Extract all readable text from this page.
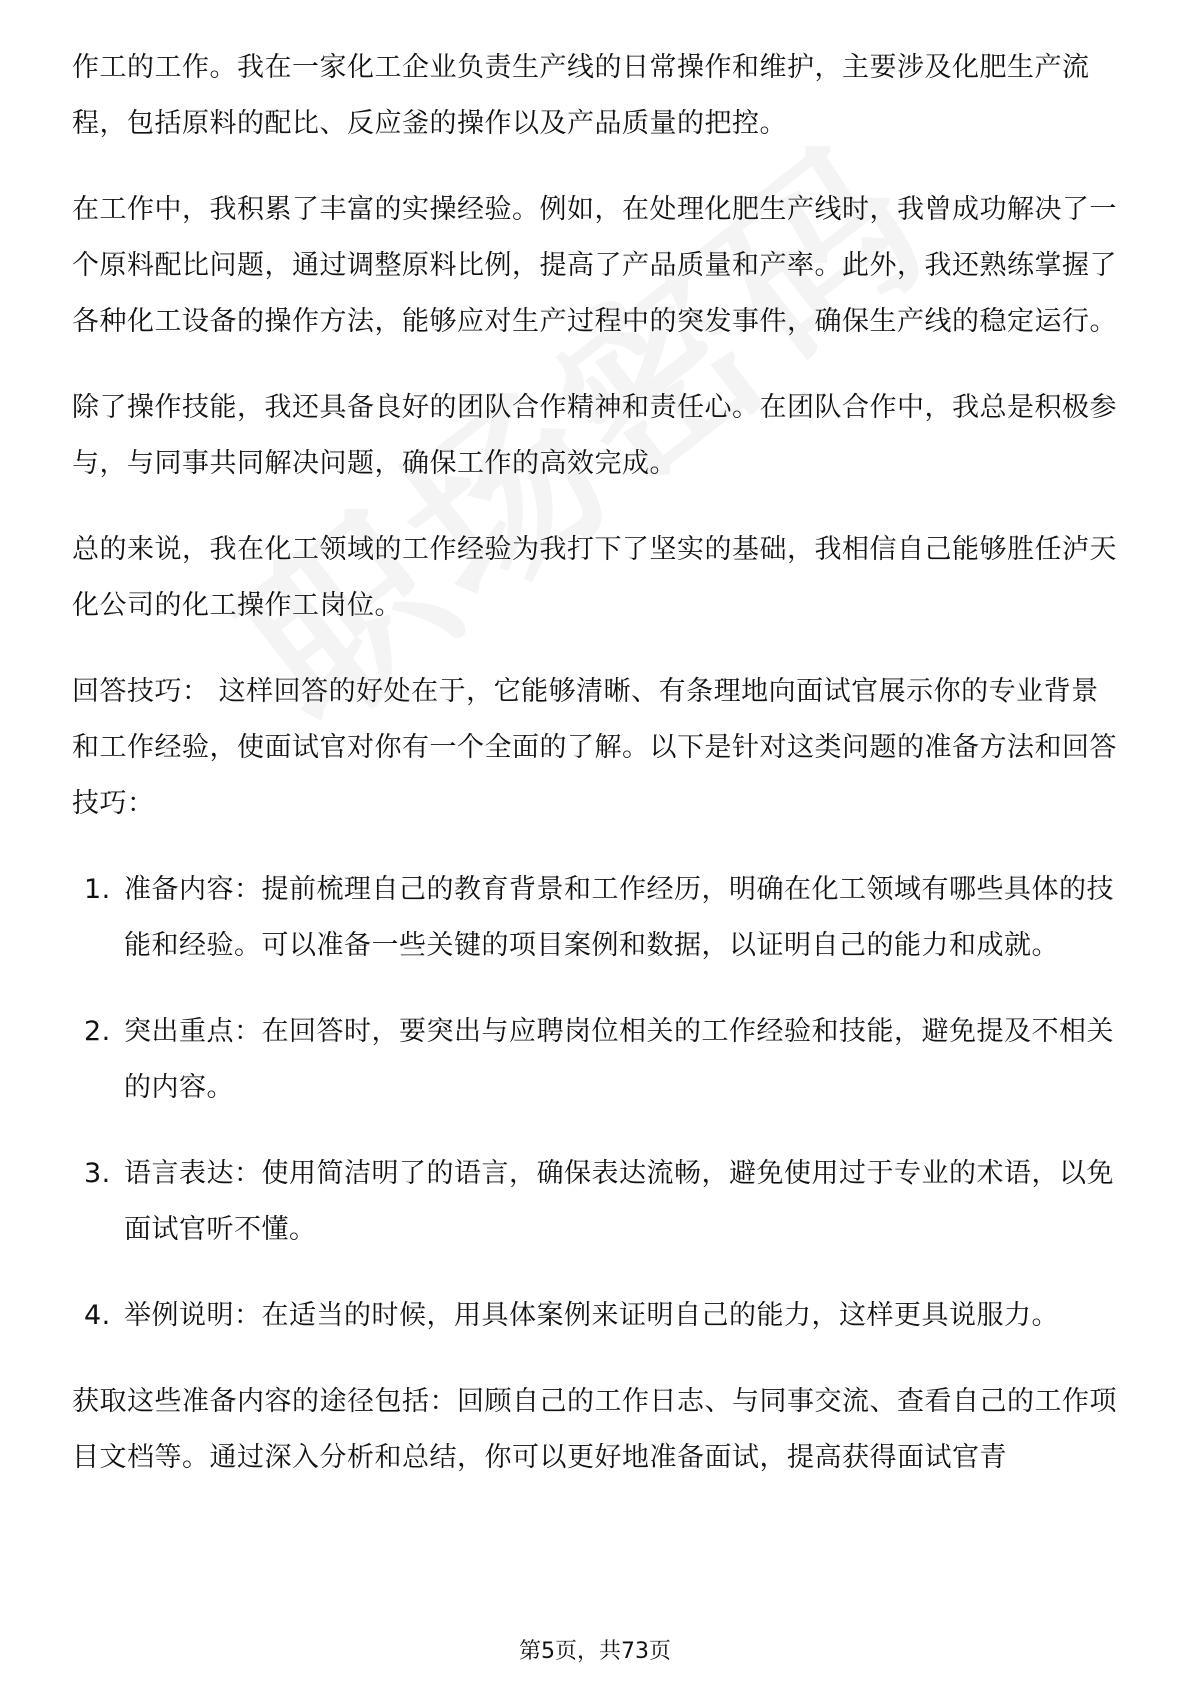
作工的工作。我在一家化工企业负责生产线的日常操作和维护，主要涉及化肥生产流程，包括原料的配比、反应釜的操作以及产品质量的把控。

在工作中，我积累了丰富的实操经验。例如，在处理化肥生产线时，我曾成功解决了一个原料配比问题，通过调整原料比例，提高了产品质量和产率。此外，我还熟练掌握了各种化工设备的操作方法，能够应对生产过程中的突发事件，确保生产线的稳定运行。

除了操作技能，我还具备良好的团队合作精神和责任心。在团队合作中，我总是积极参与，与同事共同解决问题，确保工作的高效完成。

总的来说，我在化工领域的工作经验为我打下了坚实的基础，我相信自己能够胜任泸天化公司的化工操作工岗位。

回答技巧： 这样回答的好处在于，它能够清晰、有条理地向面试官展示你的专业背景和工作经验，使面试官对你有一个全面的了解。以下是针对这类问题的准备方法和回答技巧：

1. 准备内容：提前梳理自己的教育背景和工作经历，明确在化工领域有哪些具体的技能和经验。可以准备一些关键的项目案例和数据，以证明自己的能力和成就。
2. 突出重点：在回答时，要突出与应聘岗位相关的工作经验和技能，避免提及不相关的内容。
3. 语言表达：使用简洁明了的语言，确保表达流畅，避免使用过于专业的术语，以免面试官听不懂。
4. 举例说明：在适当的时候，用具体案例来证明自己的能力，这样更具说服力。

获取这些准备内容的途径包括：回顾自己的工作日志、与同事交流、查看自己的工作项目文档等。通过深入分析和总结，你可以更好地准备面试，提高获得面试官青

第5页，共73页
